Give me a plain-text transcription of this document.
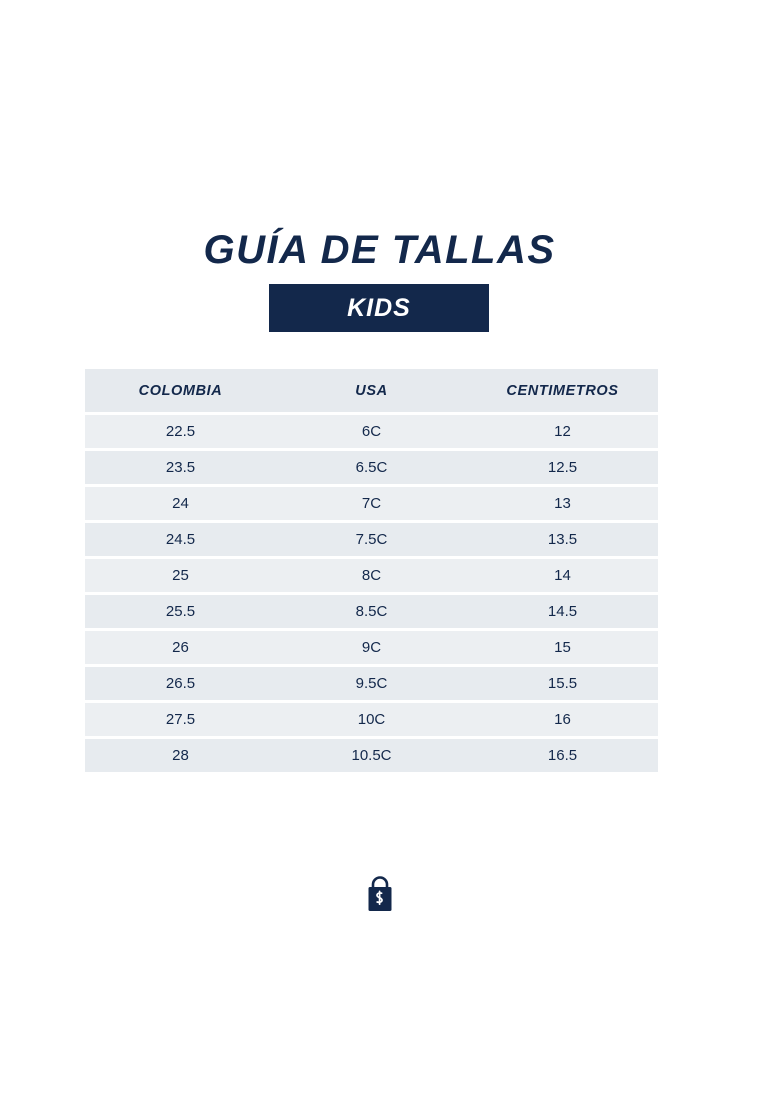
GUÍA DE TALLAS
KIDS
COLOMBIA	USA	CENTIMETROS
22.5	6C	12
23.5	6.5C	12.5
24	7C	13
24.5	7.5C	13.5
25	8C	14
25.5	8.5C	14.5
26	9C	15
26.5	9.5C	15.5
27.5	10C	16
28	10.5C	16.5
